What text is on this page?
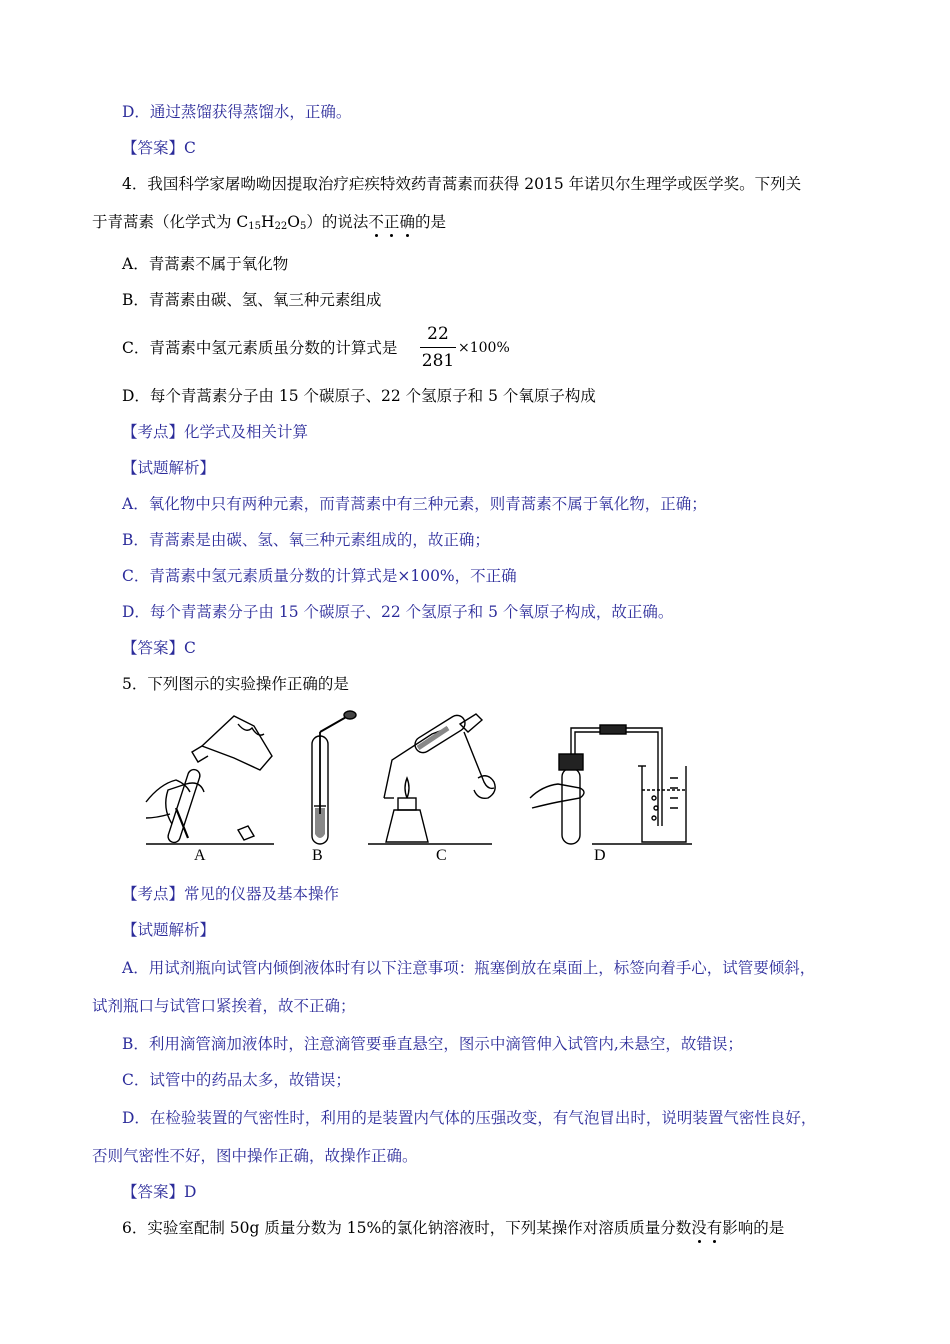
D．通过蒸馏获得蒸馏水，正确。
【答案】C
4．我国科学家屠呦呦因提取治疗疟疾特效药青蒿素而获得 2015 年诺贝尔生理学或医学奖。下列关
于青蒿素（化学式为 $C_{15}H_{22}O_5$）的说法不正确的是
A．青蒿素不属于氧化物
B．青蒿素由碳、氢、氧三种元素组成
C．青蒿素中氢元素质虽分数的计算式是 $\frac{22}{281} \times 100\%$
D．每个青蒿素分子由 15 个碳原子、22 个氢原子和 5 个氧原子构成
【考点】化学式及相关计算
【试题解析】
A．氧化物中只有两种元素，而青蒿素中有三种元素，则青蒿素不属于氧化物，正确；
B．青蒿素是由碳、氢、氧三种元素组成的，故正确；
C．青蒿素中氢元素质量分数的计算式是×100%，不正确
D．每个青蒿素分子由 15 个碳原子、22 个氢原子和 5 个氧原子构成，故正确。
【答案】C
5．下列图示的实验操作正确的是
A	B	C	D
【考点】常见的仪器及基本操作
【试题解析】
A．用试剂瓶向试管内倾倒液体时有以下注意事项：瓶塞倒放在桌面上，标签向着手心，试管要倾斜，
试剂瓶口与试管口紧挨着，故不正确；
B．利用滴管滴加液体时，注意滴管要垂直悬空，图示中滴管伸入试管内,未悬空，故错误；
C．试管中的药品太多，故错误；
D．在检验装置的气密性时，利用的是装置内气体的压强改变，有气泡冒出时，说明装置气密性良好，
否则气密性不好，图中操作正确，故操作正确。
【答案】D
6．实验室配制 50g 质量分数为 15%的氯化钠溶液时，下列某操作对溶质质量分数没有影响的是
